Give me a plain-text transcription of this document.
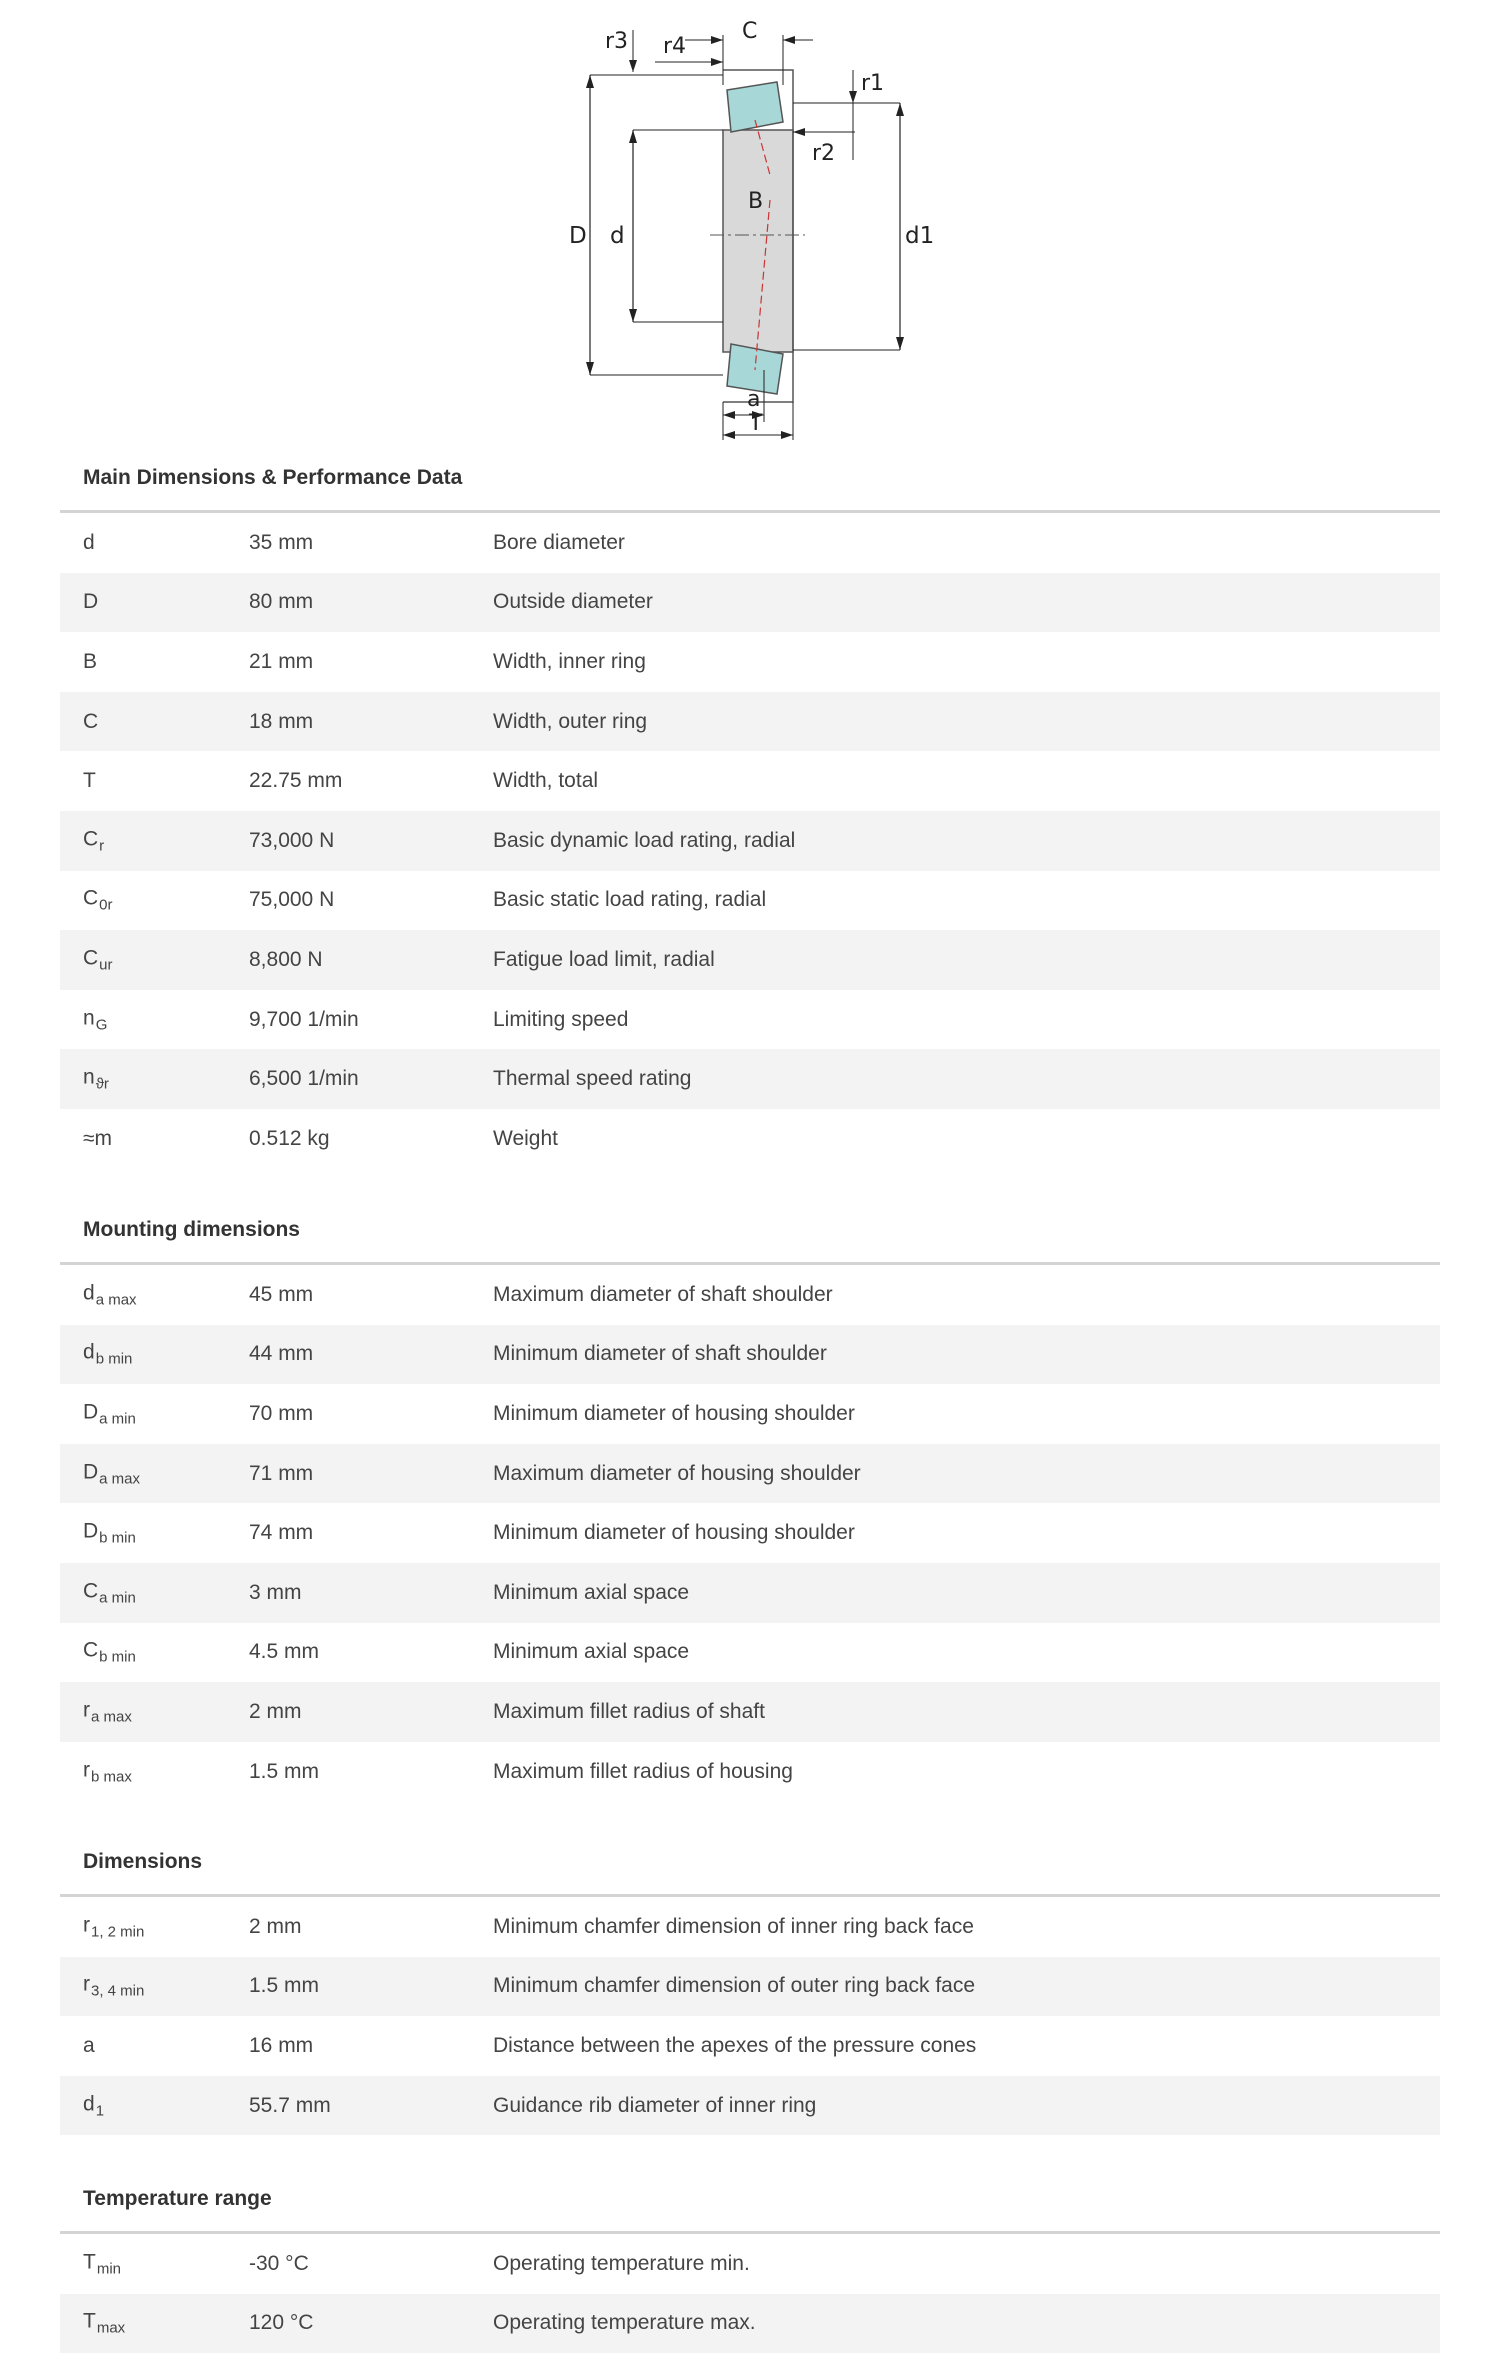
r3 r4
C
r1
r2
B
D d	d1
a
T
Main Dimensions & Performance Data
d	35 mm	Bore diameter
D	80 mm	Outside diameter
B	21 mm	Width, inner ring
C	18 mm	Width, outer ring
T	22.75 mm	Width, total
$C_r$	73,000 N	Basic dynamic load rating, radial
$C_{0r}$	75,000 N	Basic static load rating, radial
$C_{ur}$	8,800 N	Fatigue load limit, radial
$n_G$	9,700 1/min	Limiting speed
$n_{ϑr}$	6,500 1/min	Thermal speed rating
≈m	0.512 kg	Weight
Mounting dimensions
$d_{a max}$	45 mm	Maximum diameter of shaft shoulder
$d_{b min}$	44 mm	Minimum diameter of shaft shoulder
$D_{a min}$	70 mm	Minimum diameter of housing shoulder
$D_{a max}$	71 mm	Maximum diameter of housing shoulder
$D_{b min}$	74 mm	Minimum diameter of housing shoulder
$C_{a min}$	3 mm	Minimum axial space
$C_{b min}$	4.5 mm	Minimum axial space
$r_{a max}$	2 mm	Maximum fillet radius of shaft
$r_{b max}$	1.5 mm	Maximum fillet radius of housing
Dimensions
$r_{1, 2 min}$	2 mm	Minimum chamfer dimension of inner ring back face
$r_{3, 4 min}$	1.5 mm	Minimum chamfer dimension of outer ring back face
a	16 mm	Distance between the apexes of the pressure cones
$d_1$	55.7 mm	Guidance rib diameter of inner ring
Temperature range
$T_{min}$	-30 °C	Operating temperature min.
$T_{max}$	120 °C	Operating temperature max.
